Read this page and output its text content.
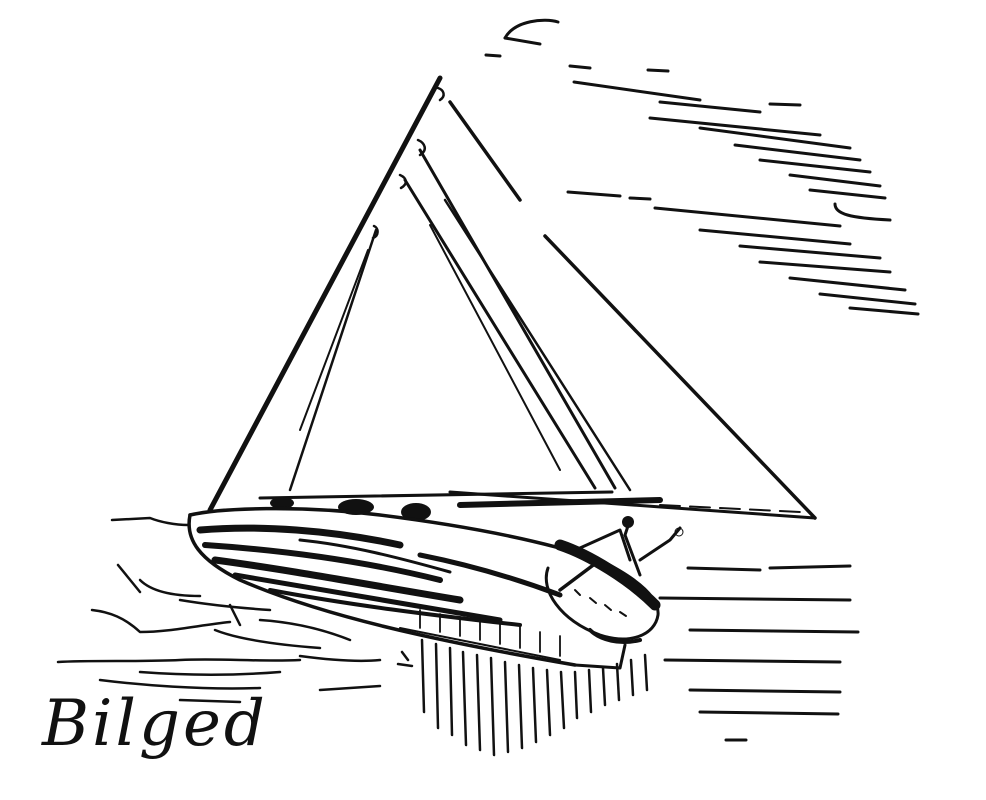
Bilged
